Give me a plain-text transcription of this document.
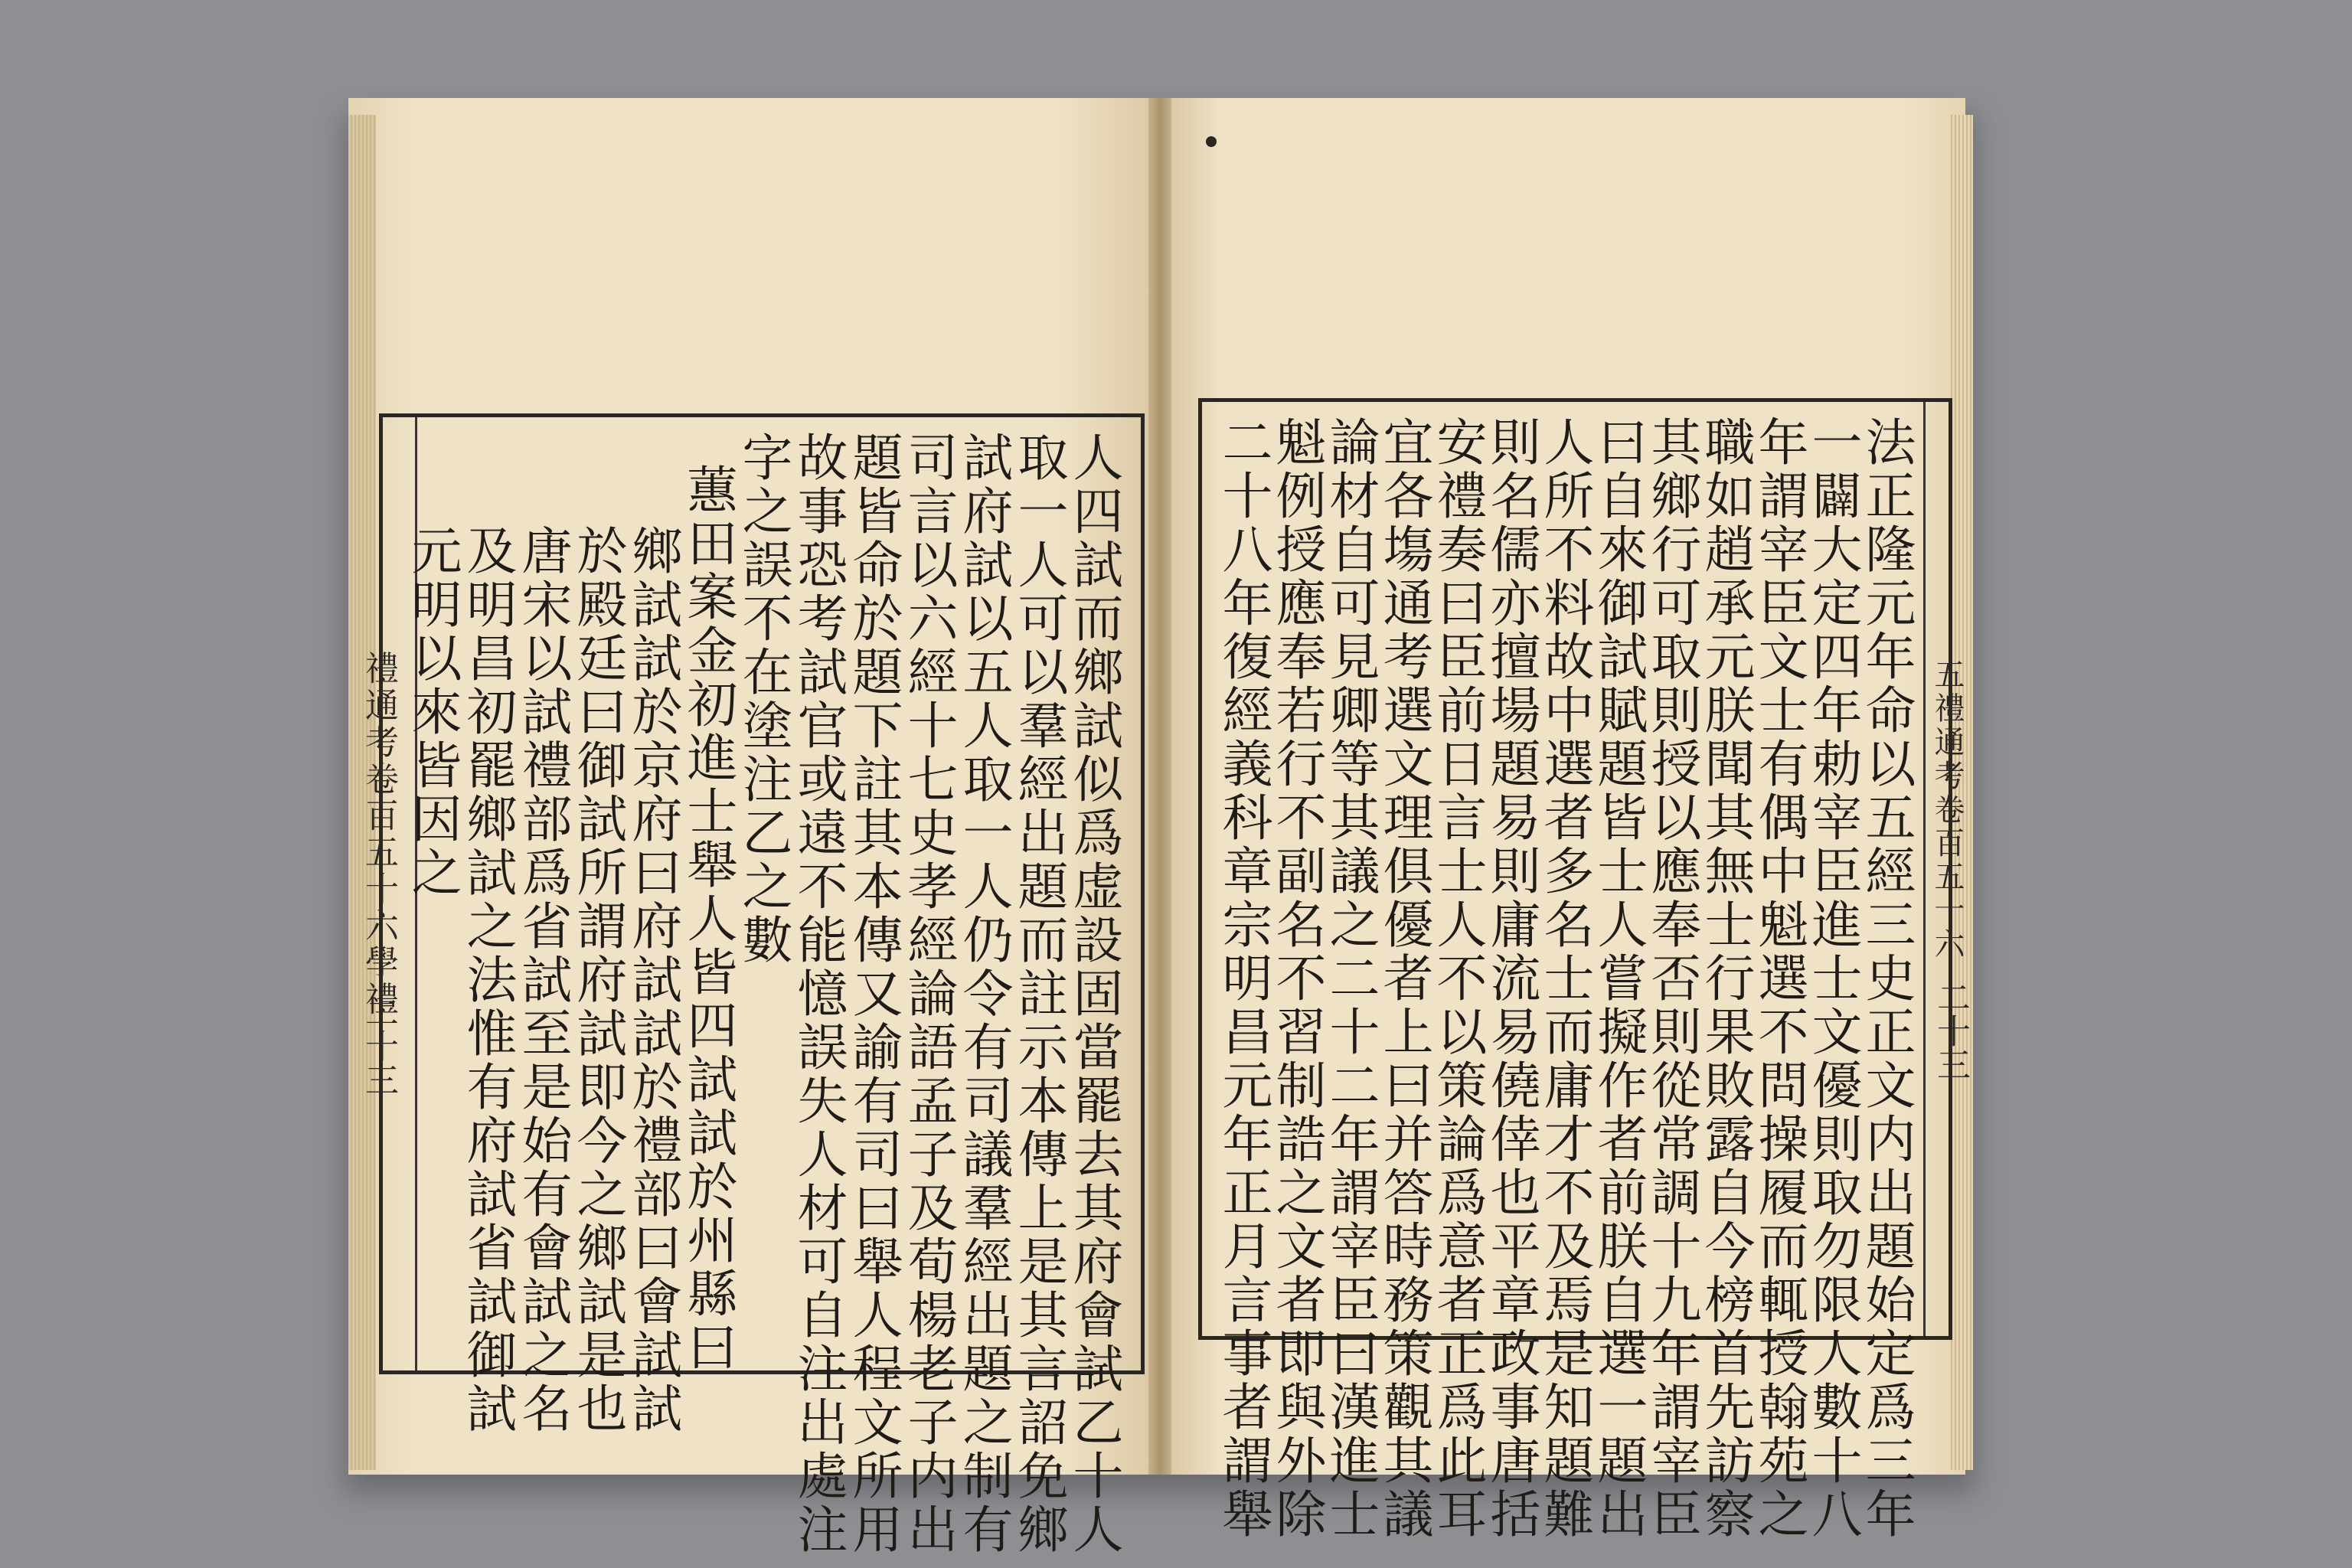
人四試而鄉試似爲虚設固當罷去其府會試乙十人
取一人可以羣經出題而註示本傳上是其言詔免鄉
試府試以五人取一人仍令有司議羣經出題之制有
司言以六經十七史孝經論語孟子及荀楊老子内出
題皆命於題下註其本傳又諭有司曰舉人程文所用
故事恐考試官或遠不能憶誤失人材可自注出處注
字之誤不在塗注乙之數
蕙田案金初進士舉人皆四試試於州縣曰
鄉試試於京府曰府試試於禮部曰會試試
於殿廷曰御試所謂府試即今之鄉試是也
唐宋以試禮部爲省試至是始有會試之名
及明昌初罷鄉試之法惟有府試省試御試
元明以來皆因之
禮通考卷百五十六學禮
二十三	法正隆元年命以五經三史正文内出題始定爲三年
一闢大定四年勅宰臣進士文優則取勿限人數十八
年謂宰臣文士有偶中魁選不問操履而輒授翰苑之
職如趙承元朕聞其無士行果敗露自今榜首先訪察
其鄉行可取則授以應奉否則從常調十九年謂宰臣
曰自來御試賦題皆士人嘗擬作者前朕自選一題出
人所不料故中選者多名士而庸才不及焉是知題難
則名儒亦擅場題易則庸流易僥倖也平章政事唐括
安禮奏曰臣前日言士人不以策論爲意者正爲此耳
宜各塲通考選文理俱優者上曰并答時務策觀其議
論材自可見卿等其議之二十二年謂宰臣曰漢進士
魁例授應奉若行不副名不習制誥之文者即與外除
二十八年復經義科章宗明昌元年正月言事者謂舉	五禮通考卷百五十六
二十三
